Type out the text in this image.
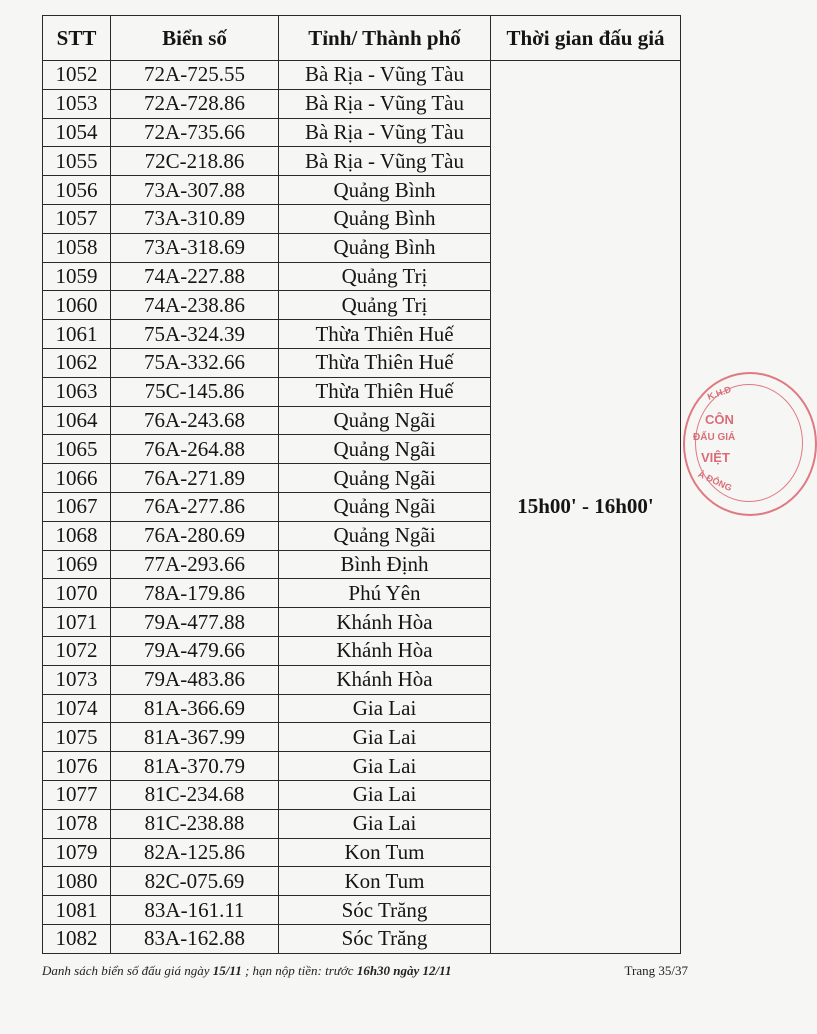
STT	Biển số	Tỉnh/ Thành phố	Thời gian đấu giá
1052	72A-725.55	Bà Rịa - Vũng Tàu	15h00' - 16h00'
1053	72A-728.86	Bà Rịa - Vũng Tàu	
1054	72A-735.66	Bà Rịa - Vũng Tàu	
1055	72C-218.86	Bà Rịa - Vũng Tàu	
1056	73A-307.88	Quảng Bình	
1057	73A-310.89	Quảng Bình	
1058	73A-318.69	Quảng Bình	
1059	74A-227.88	Quảng Trị	
1060	74A-238.86	Quảng Trị	
1061	75A-324.39	Thừa Thiên Huế	
1062	75A-332.66	Thừa Thiên Huế	
1063	75C-145.86	Thừa Thiên Huế	
1064	76A-243.68	Quảng Ngãi	
1065	76A-264.88	Quảng Ngãi	
1066	76A-271.89	Quảng Ngãi	
1067	76A-277.86	Quảng Ngãi	
1068	76A-280.69	Quảng Ngãi	
1069	77A-293.66	Bình Định	
1070	78A-179.86	Phú Yên	
1071	79A-477.88	Khánh Hòa	
1072	79A-479.66	Khánh Hòa	
1073	79A-483.86	Khánh Hòa	
1074	81A-366.69	Gia Lai	
1075	81A-367.99	Gia Lai	
1076	81A-370.79	Gia Lai	
1077	81C-234.68	Gia Lai	
1078	81C-238.88	Gia Lai	
1079	82A-125.86	Kon Tum	
1080	82C-075.69	Kon Tum	
1081	83A-161.11	Sóc Trăng	
1082	83A-162.88	Sóc Trăng	
Danh sách biển số đấu giá ngày 15/11 ; hạn nộp tiền: trước 16h30 ngày 12/11	Trang 35/37
K.H.Đ
CÔN
ĐẤU GIÁ
VIỆT
À ĐÔNG
